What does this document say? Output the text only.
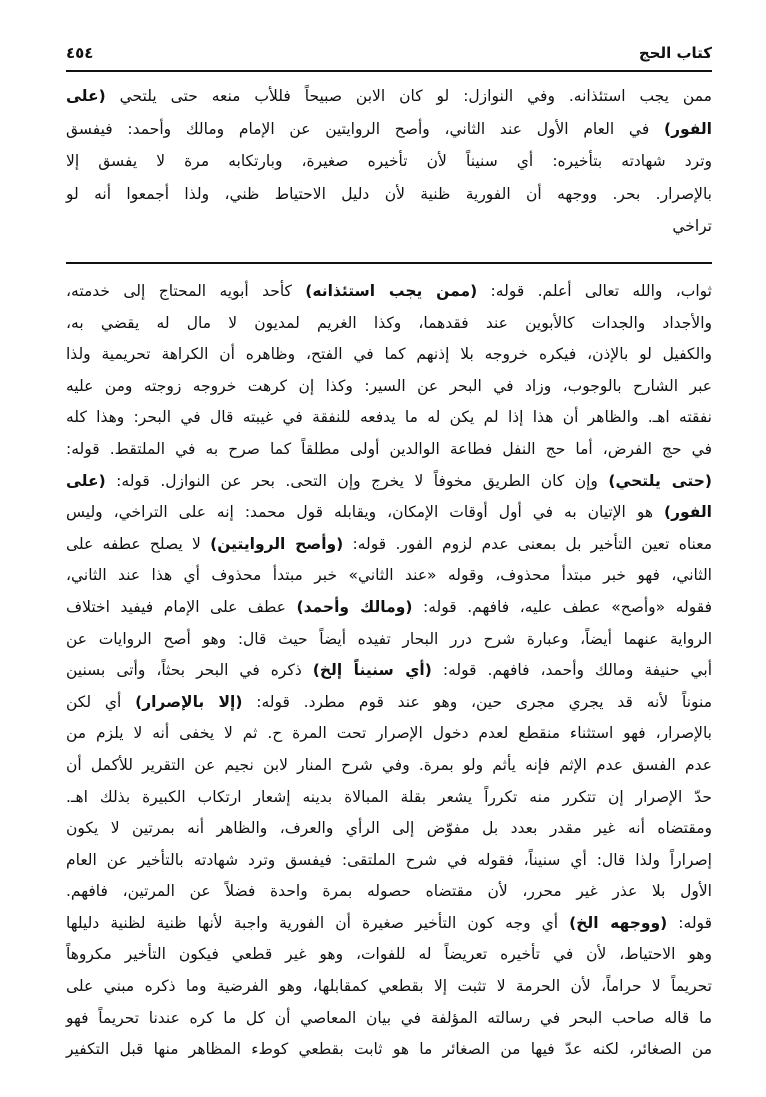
كتاب الحج
٤٥٤
ممن يجب استئذانه. وفي النوازل: لو كان الابن صبيحاً فللأب منعه حتى يلتحي (على
الفور) في العام الأول عند الثاني، وأصح الروايتين عن الإمام ومالك وأحمد: فيفسق
وترد شهادته بتأخيره: أي سنيناً لأن تأخيره صغيرة، وبارتكابه مرة لا يفسق إلا
بالإصرار. بحر. ووجهه أن الفورية ظنية لأن دليل الاحتياط ظني، ولذا أجمعوا أنه لو
تراخي
ثواب، والله تعالى أعلم. قوله: (ممن يجب استئذانه) كأحد أبويه المحتاج إلى خدمته،
والأجداد والجدات كالأبوين عند فقدهما، وكذا الغريم لمديون لا مال له يقضي به،
والكفيل لو بالإذن، فيكره خروجه بلا إذنهم كما في الفتح، وظاهره أن الكراهة تحريمية ولذا
عبر الشارح بالوجوب، وزاد في البحر عن السير: وكذا إن كرهت خروجه زوجته ومن عليه
نفقته اهـ. والظاهر أن هذا إذا لم يكن له ما يدفعه للنفقة في غيبته قال في البحر: وهذا كله
في حج الفرض، أما حج النفل فطاعة الوالدين أولى مطلقاً كما صرح به في الملتقط. قوله:
(حتى يلتحي) وإن كان الطريق مخوفاً لا يخرج وإن التحى. بحر عن النوازل. قوله: (على
الفور) هو الإتيان به في أول أوقات الإمكان، ويقابله قول محمد: إنه على التراخي، وليس
معناه تعين التأخير بل بمعنى عدم لزوم الفور. قوله: (وأصح الروايتين) لا يصلح عطفه على
الثاني، فهو خبر مبتدأ محذوف، وقوله «عند الثاني» خبر مبتدأ محذوف أي هذا عند الثاني،
فقوله «وأصح» عطف عليه، فافهم. قوله: (ومالك وأحمد) عطف على الإمام فيفيد اختلاف
الرواية عنهما أيضاً، وعبارة شرح درر البحار تفيده أيضاً حيث قال: وهو أصح الروايات عن
أبي حنيفة ومالك وأحمد، فافهم. قوله: (أي سنيناً إلخ) ذكره في البحر بحثاً، وأتى بسنين
منوناً لأنه قد يجري مجرى حين، وهو عند قوم مطرد. قوله: (إلا بالإصرار) أي لكن
بالإصرار، فهو استثناء منقطع لعدم دخول الإصرار تحت المرة ح. ثم لا يخفى أنه لا يلزم من
عدم الفسق عدم الإثم فإنه يأثم ولو بمرة. وفي شرح المنار لابن نجيم عن التقرير للأكمل أن
حدّ الإصرار إن تتكرر منه تكرراً يشعر بقلة المبالاة بدينه إشعار ارتكاب الكبيرة بذلك اهـ.
ومقتضاه أنه غير مقدر بعدد بل مفوّض إلى الرأي والعرف، والظاهر أنه بمرتين لا يكون
إصراراً ولذا قال: أي سنيناً، فقوله في شرح الملتقى: فيفسق وترد شهادته بالتأخير عن العام
الأول بلا عذر غير محرر، لأن مقتضاه حصوله بمرة واحدة فضلاً عن المرتين، فافهم.
قوله: (ووجهه الخ) أي وجه كون التأخير صغيرة أن الفورية واجبة لأنها ظنية لظنية دليلها
وهو الاحتياط، لأن في تأخيره تعريضاً له للفوات، وهو غير قطعي فيكون التأخير مكروهاً
تحريماً لا حراماً، لأن الحرمة لا تثبت إلا بقطعي كمقابلها، وهو الفرضية وما ذكره مبني على
ما قاله صاحب البحر في رسالته المؤلفة في بيان المعاصي أن كل ما كره عندنا تحريماً فهو
من الصغائر، لكنه عدّ فيها من الصغائر ما هو ثابت بقطعي كوطء المظاهر منها قبل التكفير
